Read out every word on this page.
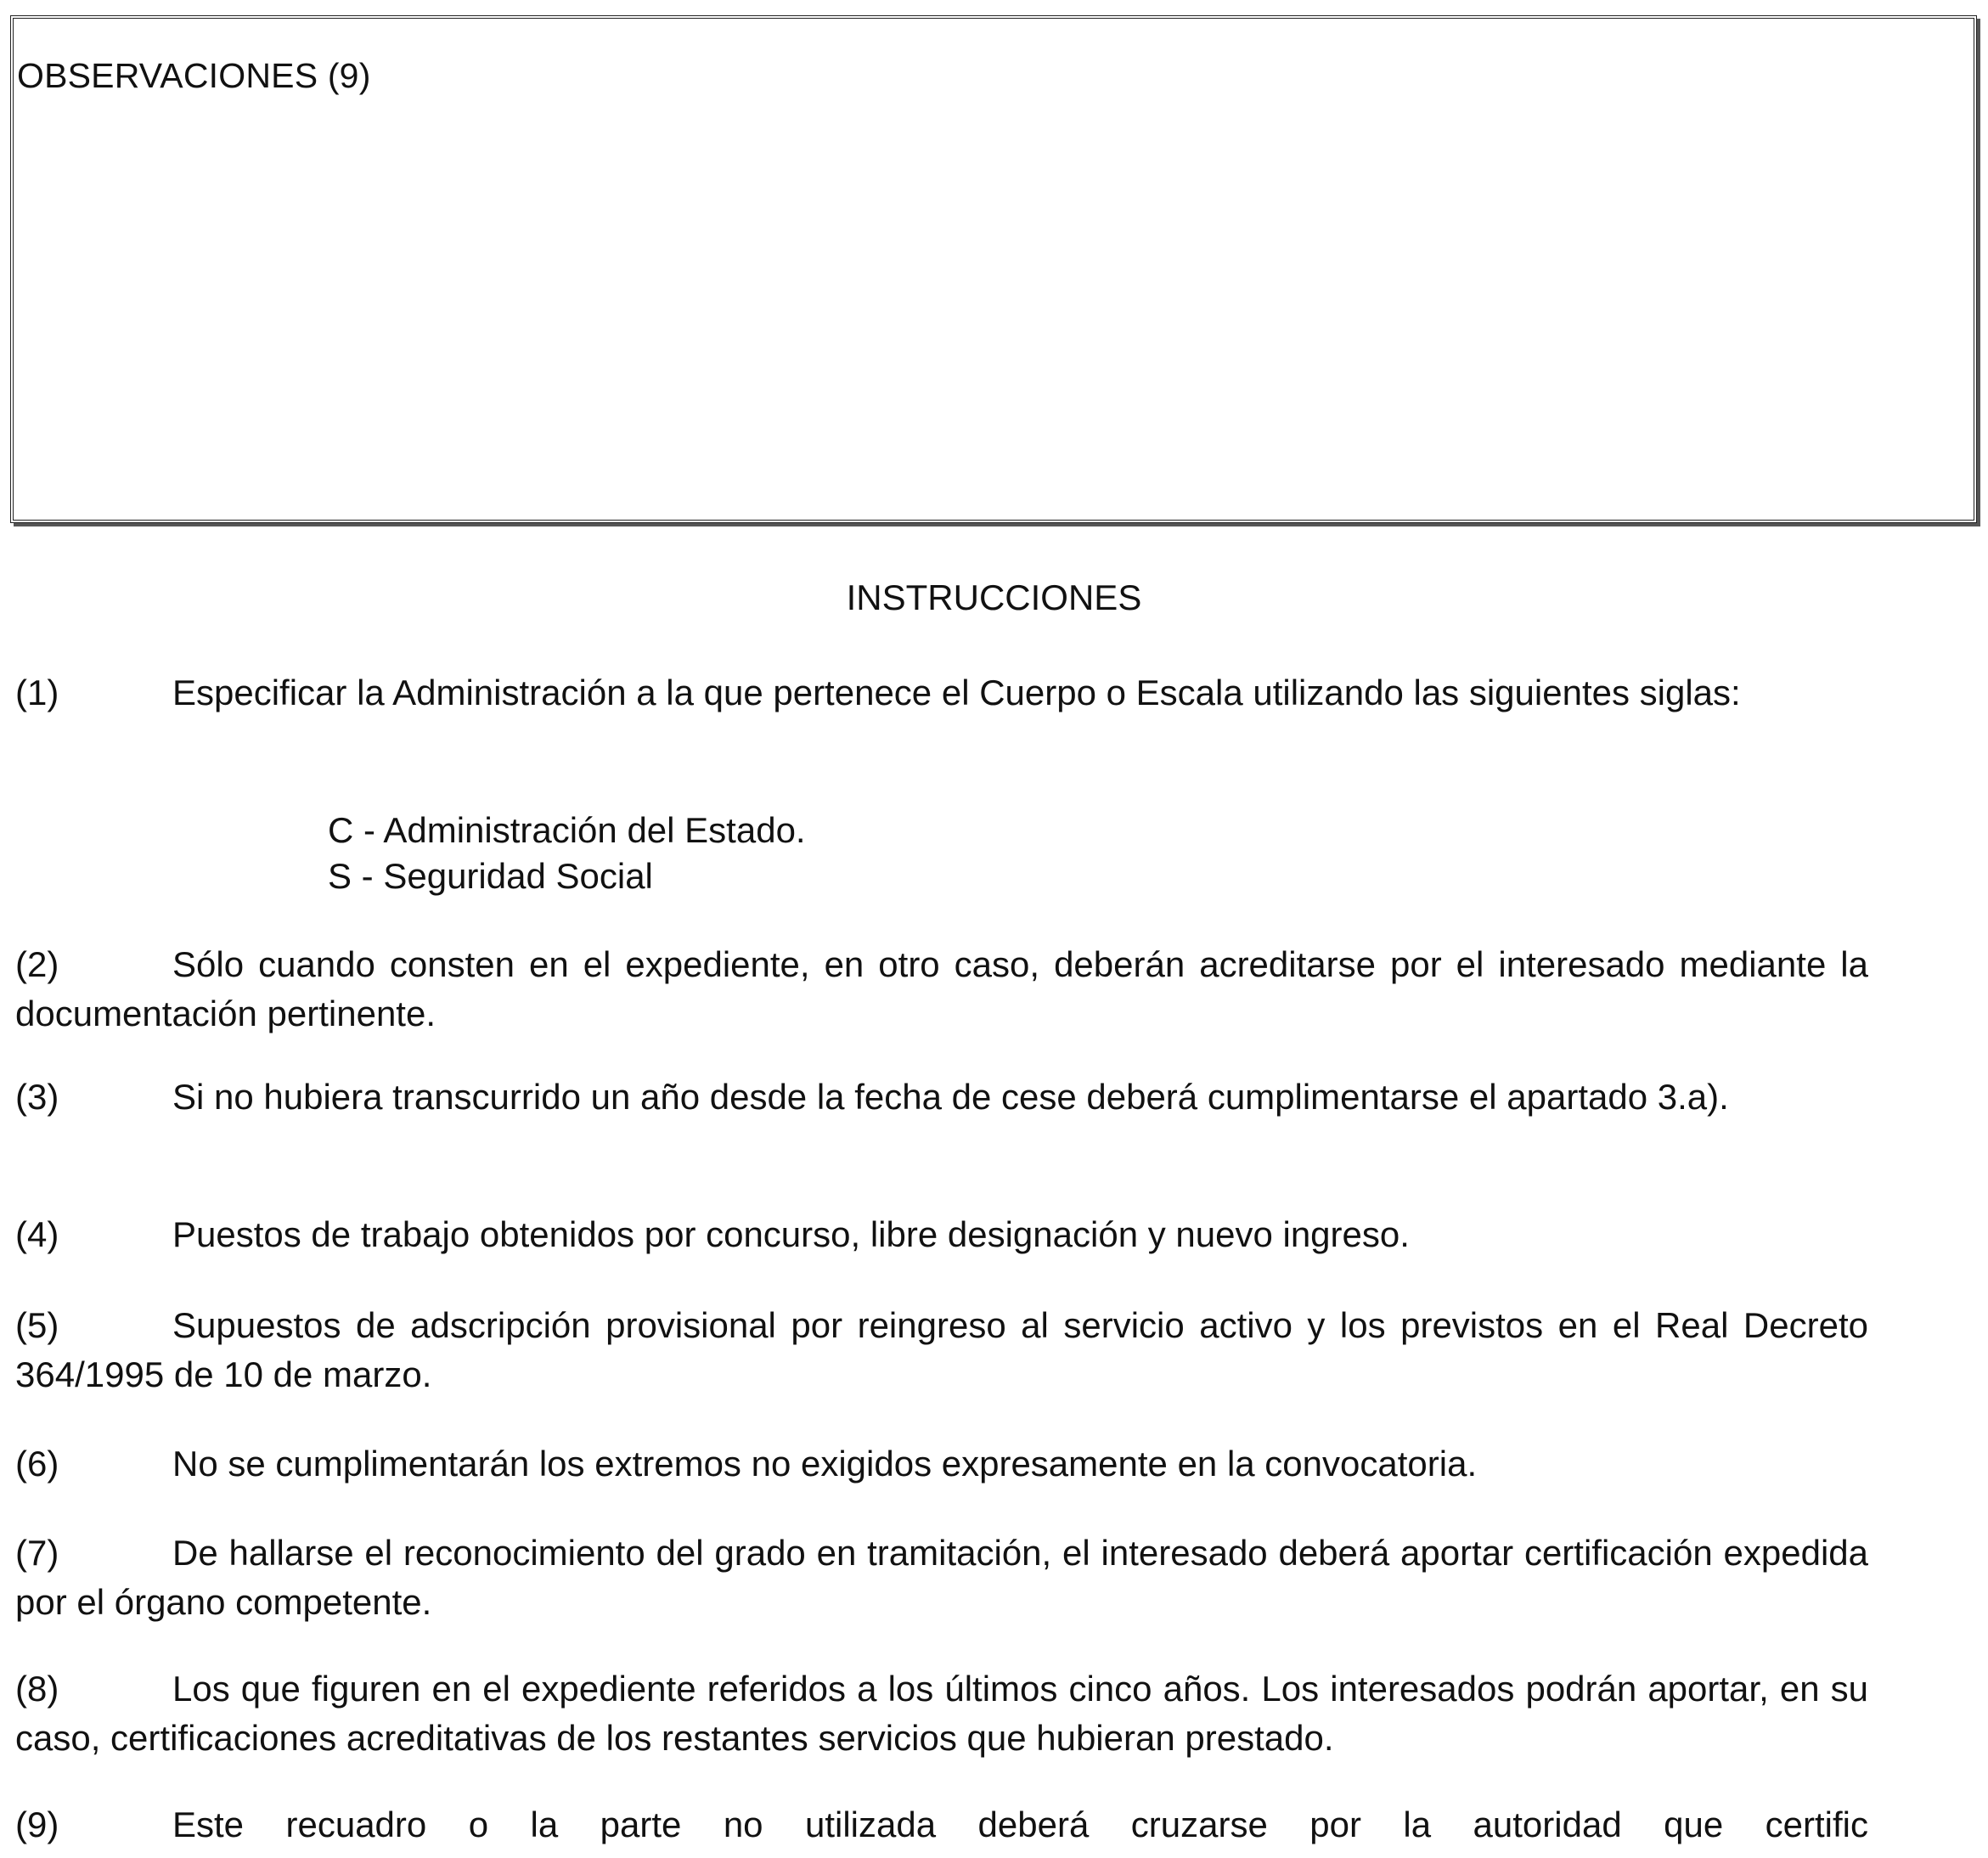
OBSERVACIONES (9)
INSTRUCCIONES
(1)	Especificar la Administración a la que pertenece el Cuerpo o Escala utilizando las siguientes siglas:
C - Administración del Estado.
S - Seguridad Social
(2)	Sólo cuando consten en el expediente, en otro caso, deberán acreditarse por el interesado mediante la documentación pertinente.
(3)	Si no hubiera transcurrido un año desde la fecha de cese deberá cumplimentarse el apartado 3.a).
(4)	Puestos de trabajo obtenidos por concurso, libre designación y nuevo ingreso.
(5)	Supuestos de adscripción provisional por reingreso al servicio activo y los previstos en el Real Decreto 364/1995 de 10 de marzo.
(6)	No se cumplimentarán los extremos no exigidos expresamente en la convocatoria.
(7)	De hallarse el reconocimiento del grado en tramitación, el interesado deberá aportar certificación expedida por el órgano competente.
(8)	Los que figuren en el expediente referidos a los últimos cinco años. Los interesados podrán aportar, en su caso, certificaciones acreditativas de los restantes servicios que hubieran prestado.
(9)	Este recuadro o la parte no utilizada deberá cruzarse por la autoridad que certific
